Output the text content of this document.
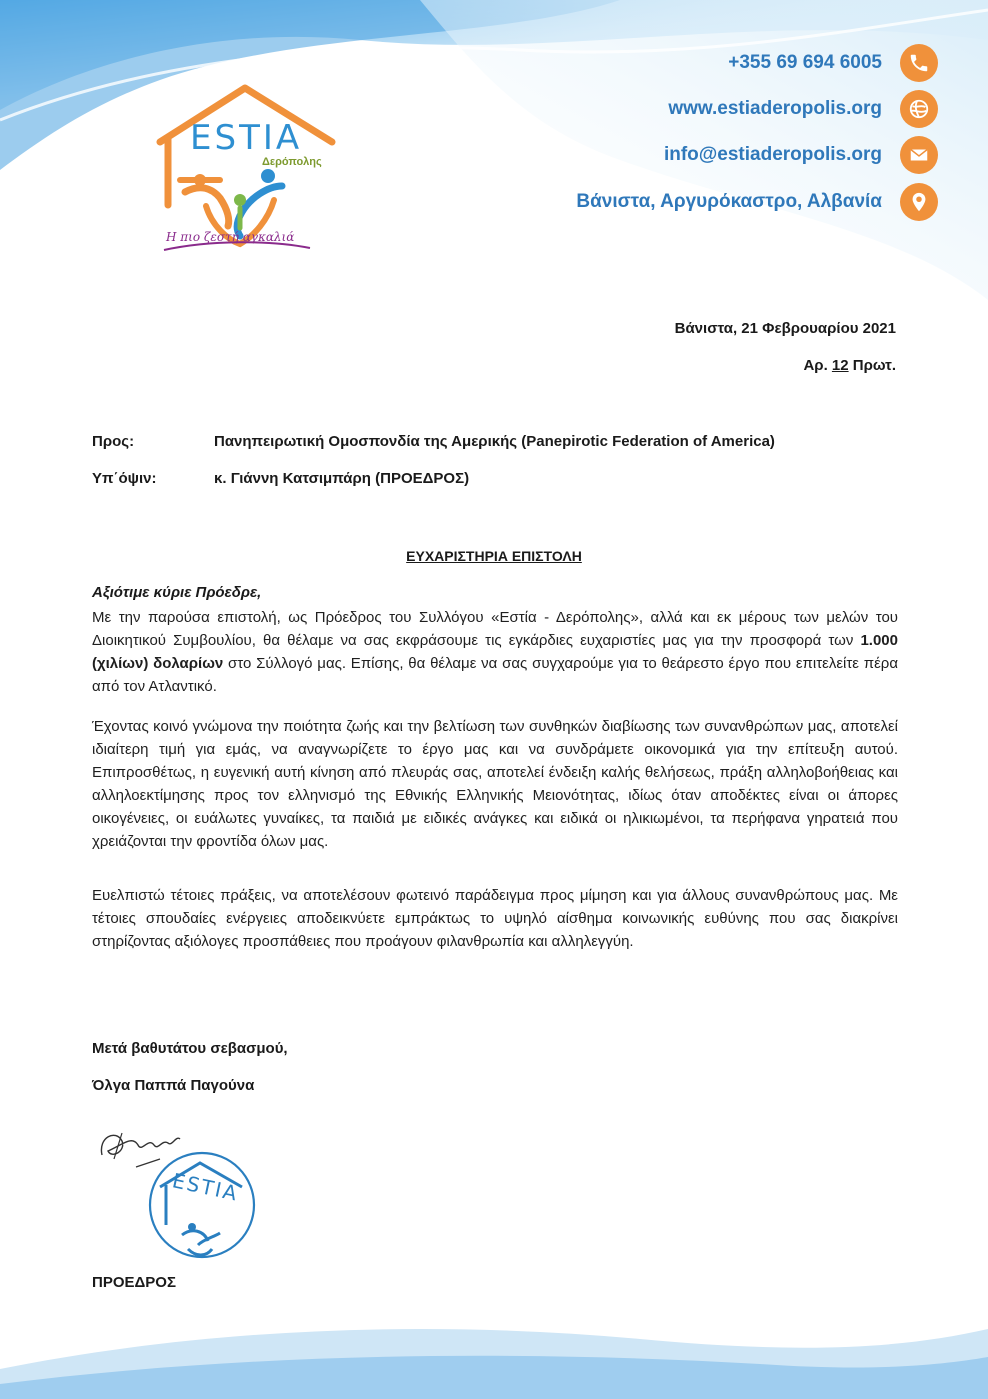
ΕSTIA
Δερόπολης
Η πιο ζεστή αγκαλιά
+355 69 694 6005
www.estiaderopolis.org
info@estiaderopolis.org
Βάνιστα, Αργυρόκαστρο, Αλβανία
Βάνιστα, 21 Φεβρουαρίου 2021
Αρ. 12 Πρωτ.
Προς:	Πανηπειρωτική Ομοσπονδία της Αμερικής (Panepirotic Federation of America)
Υπ΄όψιν:	κ. Γιάννη Κατσιμπάρη (ΠΡΟΕΔΡΟΣ)
ΕΥΧΑΡΙΣΤΗΡΙΑ ΕΠΙΣΤΟΛΗ
Αξιότιμε κύριε Πρόεδρε,

Με την παρούσα επιστολή, ως Πρόεδρος του Συλλόγου «Εστία - Δερόπολης», αλλά και εκ μέρους των μελών του Διοικητικού Συμβουλίου, θα θέλαμε να σας εκφράσουμε τις εγκάρδιες ευχαριστίες μας για την προσφορά των 1.000 (χιλίων) δολαρίων στο Σύλλογό μας. Επίσης, θα θέλαμε να σας συγχαρούμε για το θεάρεστο έργο που επιτελείτε πέρα από τον Ατλαντικό.

Έχοντας κοινό γνώμονα την ποιότητα ζωής και την βελτίωση των συνθηκών διαβίωσης των συνανθρώπων μας, αποτελεί ιδιαίτερη τιμή για εμάς, να αναγνωρίζετε το έργο μας και να συνδράμετε οικονομικά για την επίτευξη αυτού. Επιπροσθέτως, η ευγενική αυτή κίνηση από πλευράς σας, αποτελεί ένδειξη καλής θελήσεως, πράξη αλληλοβοήθειας και αλληλοεκτίμησης προς τον ελληνισμό της Εθνικής Ελληνικής Μειονότητας, ιδίως όταν αποδέκτες είναι οι άπορες οικογένειες, οι ευάλωτες γυναίκες, τα παιδιά με ειδικές ανάγκες και ειδικά οι ηλικιωμένοι, τα περήφανα γηρατειά που χρειάζονται την φροντίδα όλων μας.

Ευελπιστώ τέτοιες πράξεις, να αποτελέσουν φωτεινό παράδειγμα προς μίμηση και για άλλους συνανθρώπους μας. Με τέτοιες σπουδαίες ενέργειες αποδεικνύετε εμπράκτως το υψηλό αίσθημα κοινωνικής ευθύνης που σας διακρίνει στηρίζοντας αξιόλογες προσπάθειες που προάγουν φιλανθρωπία και αλληλεγγύη.

Μετά βαθυτάτου σεβασμού,
Όλγα Παππά Παγούνα
ΕSTIA
ΠΡΟΕΔΡΟΣ
